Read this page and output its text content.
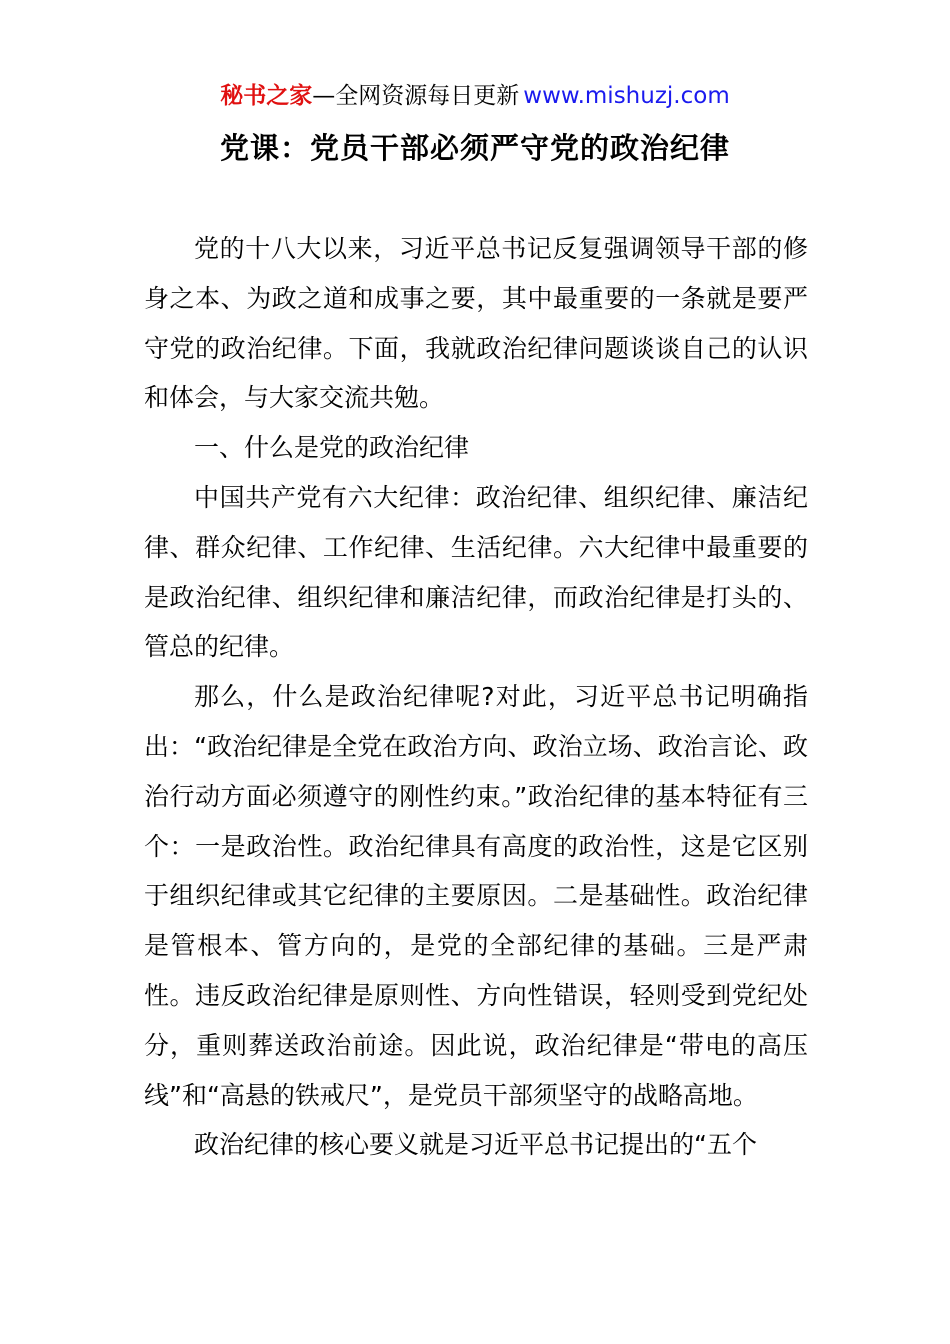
秘书之家—全网资源每日更新 www.mishuzj.com
党课：党员干部必须严守党的政治纪律

党的十八大以来，习近平总书记反复强调领导干部的修身之本、为政之道和成事之要，其中最重要的一条就是要严守党的政治纪律。下面，我就政治纪律问题谈谈自己的认识和体会，与大家交流共勉。

一、什么是党的政治纪律

中国共产党有六大纪律：政治纪律、组织纪律、廉洁纪律、群众纪律、工作纪律、生活纪律。六大纪律中最重要的是政治纪律、组织纪律和廉洁纪律，而政治纪律是打头的、管总的纪律。

那么，什么是政治纪律呢?对此，习近平总书记明确指出：“政治纪律是全党在政治方向、政治立场、政治言论、政治行动方面必须遵守的刚性约束。”政治纪律的基本特征有三个：一是政治性。政治纪律具有高度的政治性，这是它区别于组织纪律或其它纪律的主要原因。二是基础性。政治纪律是管根本、管方向的，是党的全部纪律的基础。三是严肃性。违反政治纪律是原则性、方向性错误，轻则受到党纪处分，重则葬送政治前途。因此说，政治纪律是“带电的高压线”和“高悬的铁戒尺”，是党员干部须坚守的战略高地。

政治纪律的核心要义就是习近平总书记提出的“五个
